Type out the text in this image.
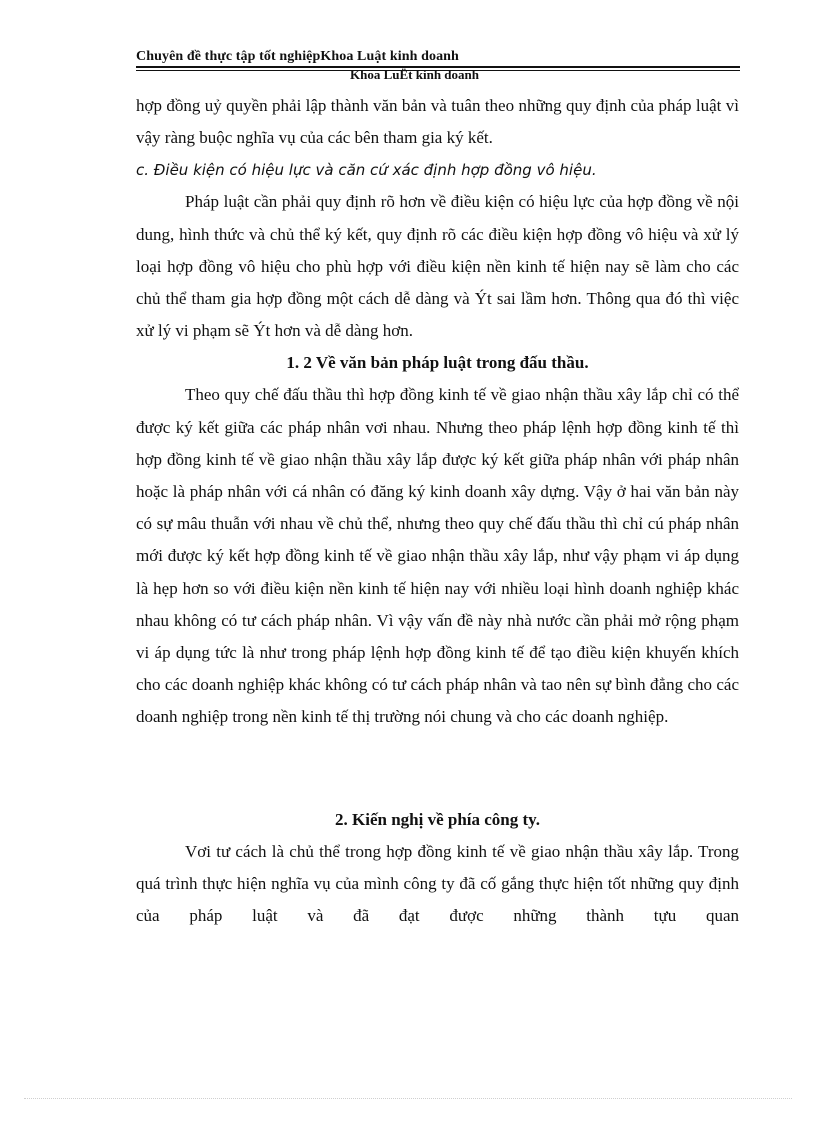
Chuyên đề thực tập tốt nghiệpKhoa Luật kinh doanh
Khoa LuËt kinh doanh

hợp đồng uỷ quyền phải lập thành văn bản và tuân theo những quy định của pháp luật vì vậy ràng buộc nghĩa vụ của các bên tham gia ký kết.

c. Điều kiện có hiệu lực và căn cứ xác định hợp đồng vô hiệu.

Pháp luật cần phải quy định rõ hơn về điều kiện có hiệu lực của hợp đồng về nội dung, hình thức và chủ thể ký kết, quy định rõ các điều kiện hợp đồng vô hiệu và xử lý loại hợp đồng vô hiệu cho phù hợp với điều kiện nền kinh tế hiện nay sẽ làm cho các chủ thể tham gia hợp đồng một cách dễ dàng và Ýt sai lầm hơn. Thông qua đó thì việc xử lý vi phạm sẽ Ýt hơn và dễ dàng hơn.

1. 2 Về văn bản pháp luật trong đấu thầu.

Theo quy chế đấu thầu thì hợp đồng kinh tế về giao nhận thầu xây lắp chỉ có thể được ký kết giữa các pháp nhân vơi nhau. Nhưng theo pháp lệnh hợp đồng kinh tế thì hợp đồng kinh tế về giao nhận thầu xây lắp được ký kết giữa pháp nhân với pháp nhân hoặc là pháp nhân với cá nhân có đăng ký kinh doanh xây dựng. Vậy ở hai văn bản này có sự mâu thuẫn với nhau về chủ thể, nhưng theo quy chế đấu thầu thì chỉ cú pháp nhân mới được ký kết hợp đồng kinh tế về giao nhận thầu xây lắp, như vậy phạm vi áp dụng là hẹp hơn so với điều kiện nền kinh tế hiện nay với nhiều loại hình doanh nghiệp khác nhau không có tư cách pháp nhân. Vì vậy vấn đề này nhà nước cần phải mở rộng phạm vi áp dụng tức là như trong pháp lệnh hợp đồng kinh tế để tạo điều kiện khuyến khích cho các doanh nghiệp khác không có tư cách pháp nhân và tao nên sự bình đẳng cho các doanh nghiệp trong nền kinh tế thị trường nói chung và cho các doanh nghiệp.

2. Kiến nghị về phía công ty.

Vơi tư cách là chủ thể trong hợp đồng kinh tế về giao nhận thầu xây lắp. Trong quá trình thực hiện nghĩa vụ của mình công ty đã cố gắng thực hiện tốt những quy định của pháp luật và đã đạt được những thành tựu quan
